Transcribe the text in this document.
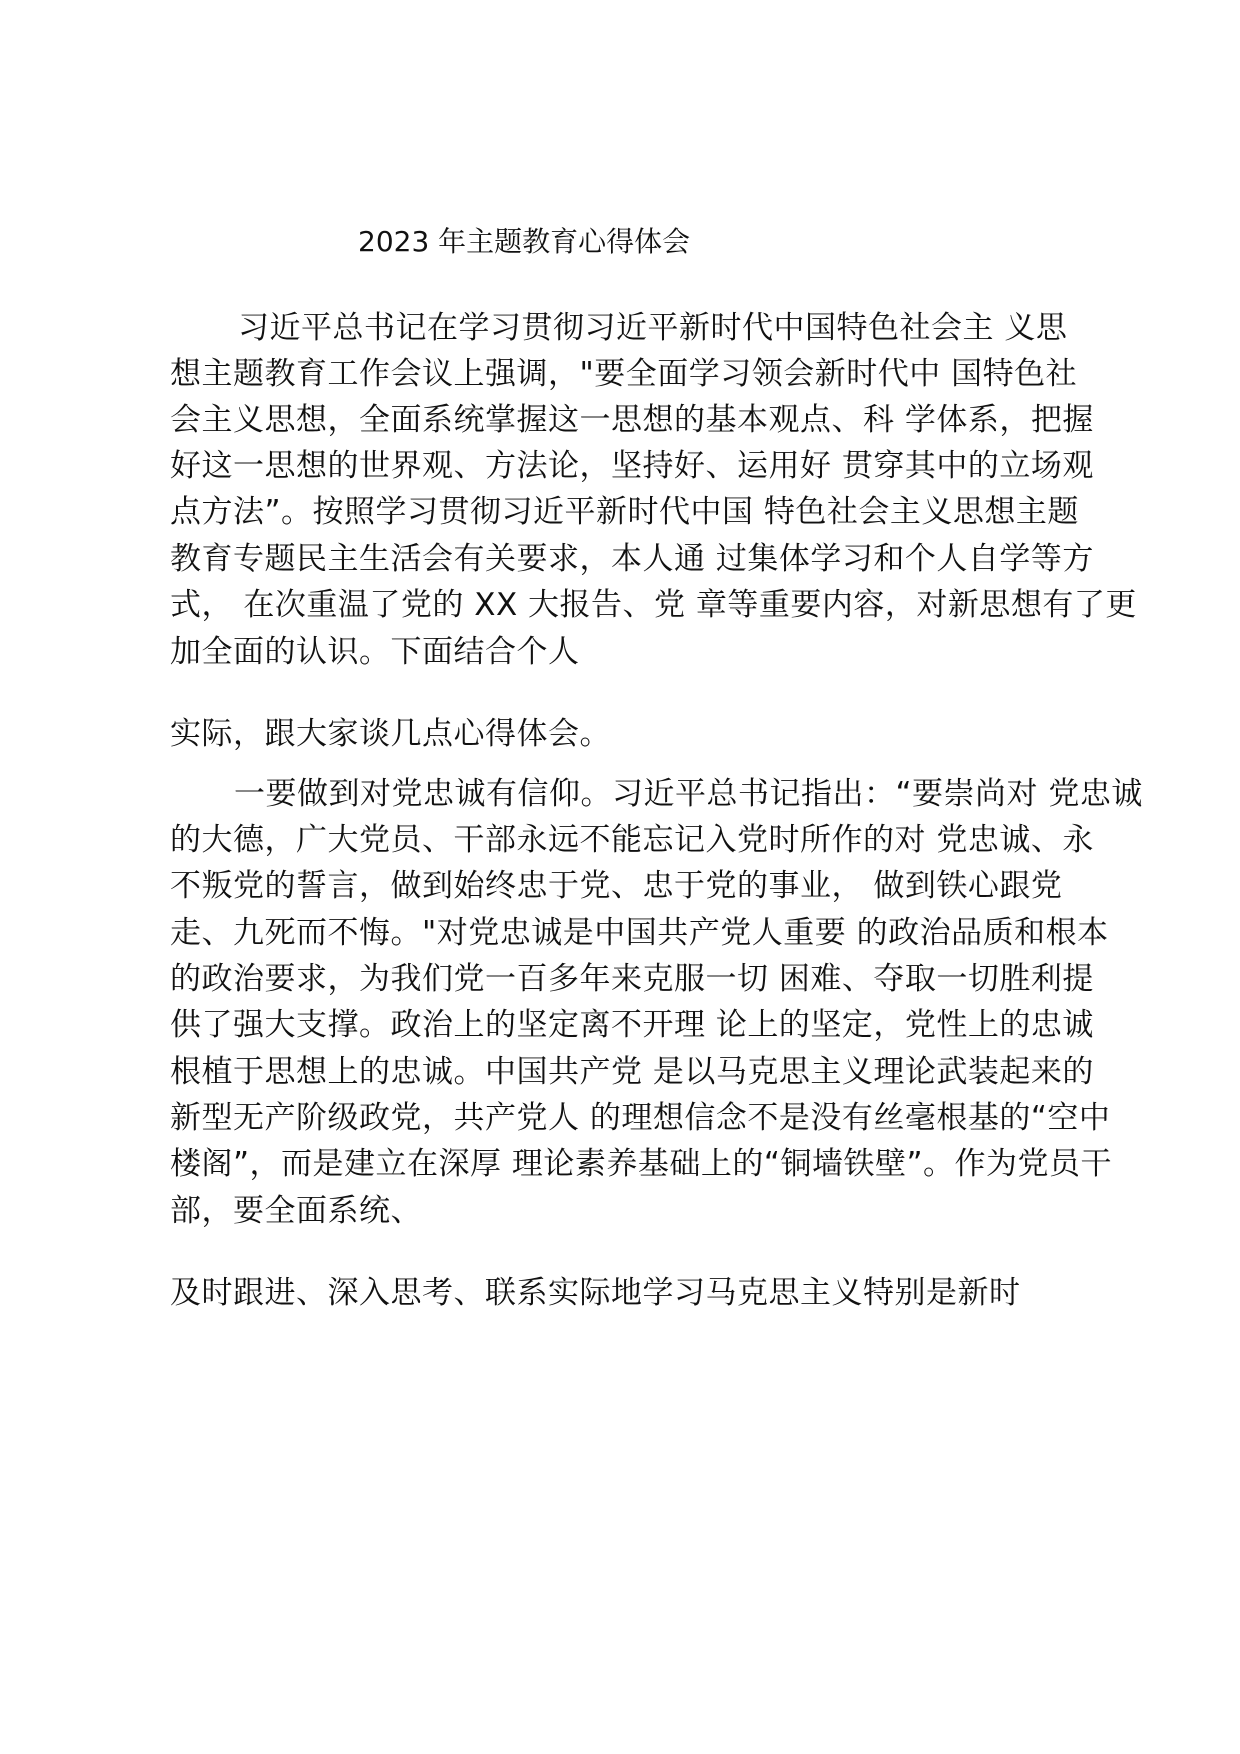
2023 年主题教育心得体会
习近平总书记在学习贯彻习近平新时代中国特色社会主 义思
想主题教育工作会议上强调，"要全面学习领会新时代中 国特色社
会主义思想，全面系统掌握这一思想的基本观点、科 学体系，把握
好这一思想的世界观、方法论，坚持好、运用好 贯穿其中的立场观
点方法”。按照学习贯彻习近平新时代中国 特色社会主义思想主题
教育专题民主生活会有关要求，本人通 过集体学习和个人自学等方
式， 在次重温了党的 XX 大报告、党 章等重要内容，对新思想有了更
加全面的认识。下面结合个人
实际，跟大家谈几点心得体会。
一要做到对党忠诚有信仰。习近平总书记指出：“要崇尚对 党忠诚
的大德，广大党员、干部永远不能忘记入党时所作的对 党忠诚、永
不叛党的誓言，做到始终忠于党、忠于党的事业， 做到铁心跟党
走、九死而不悔。"对党忠诚是中国共产党人重要 的政治品质和根本
的政治要求，为我们党一百多年来克服一切 困难、夺取一切胜利提
供了强大支撑。政治上的坚定离不开理 论上的坚定，党性上的忠诚
根植于思想上的忠诚。中国共产党 是以马克思主义理论武装起来的
新型无产阶级政党，共产党人 的理想信念不是没有丝毫根基的“空中
楼阁”，而是建立在深厚 理论素养基础上的“铜墙铁壁”。作为党员干
部，要全面系统、
及时跟进、深入思考、联系实际地学习马克思主义特别是新时
